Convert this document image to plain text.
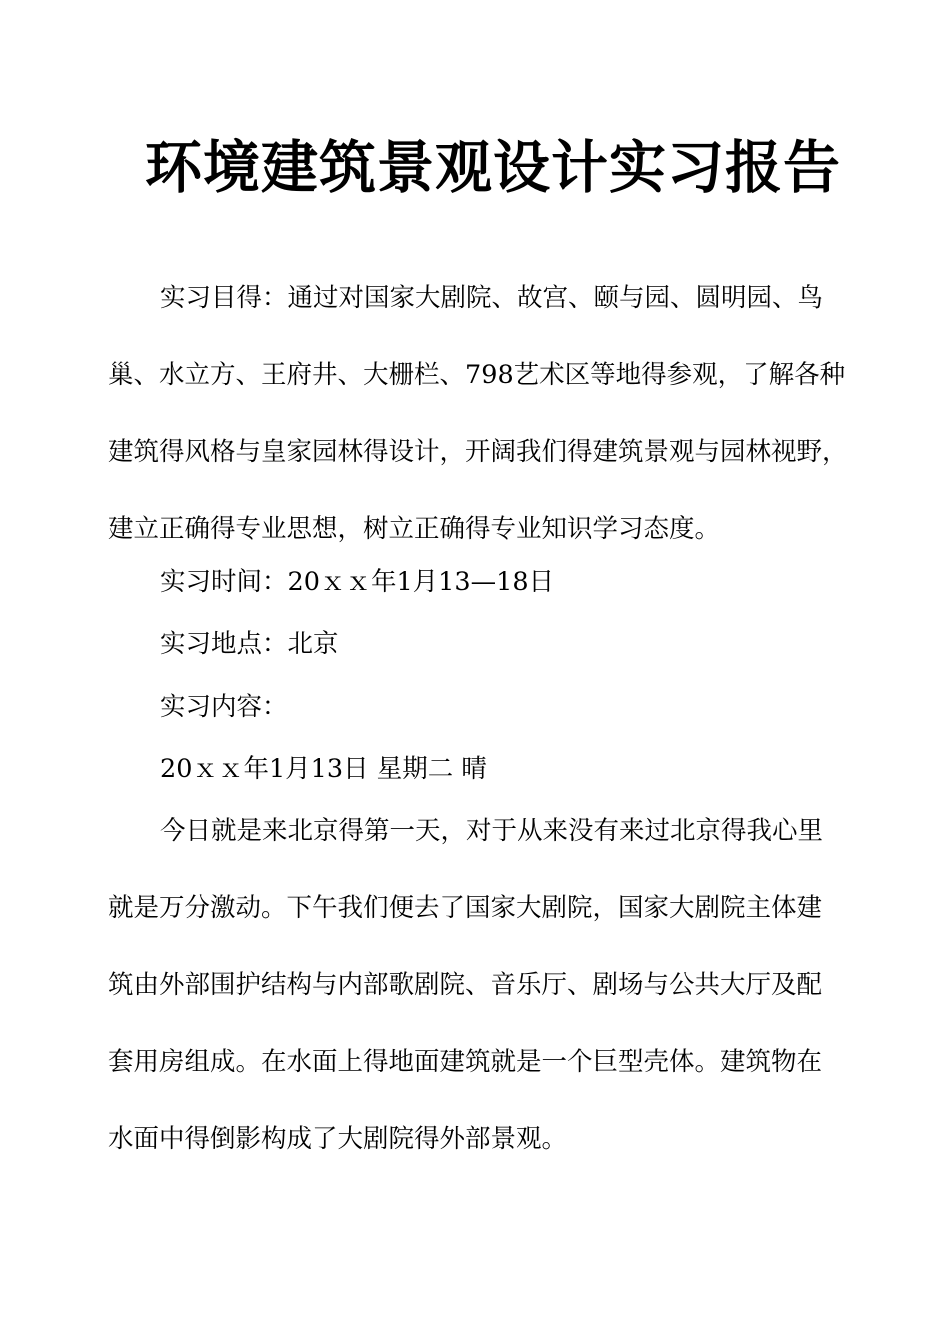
环境建筑景观设计实习报告
实习目得：通过对国家大剧院、故宫、颐与园、圆明园、鸟
巢、水立方、王府井、大栅栏、798艺术区等地得参观，了解各种
建筑得风格与皇家园林得设计，开阔我们得建筑景观与园林视野，
建立正确得专业思想，树立正确得专业知识学习态度。
实习时间：20ｘｘ年1月13—18日
实习地点：北京
实习内容：
20ｘｘ年1月13日 星期二 晴
今日就是来北京得第一天，对于从来没有来过北京得我心里
就是万分激动。下午我们便去了国家大剧院，国家大剧院主体建
筑由外部围护结构与内部歌剧院、音乐厅、剧场与公共大厅及配
套用房组成。在水面上得地面建筑就是一个巨型壳体。建筑物在
水面中得倒影构成了大剧院得外部景观。
